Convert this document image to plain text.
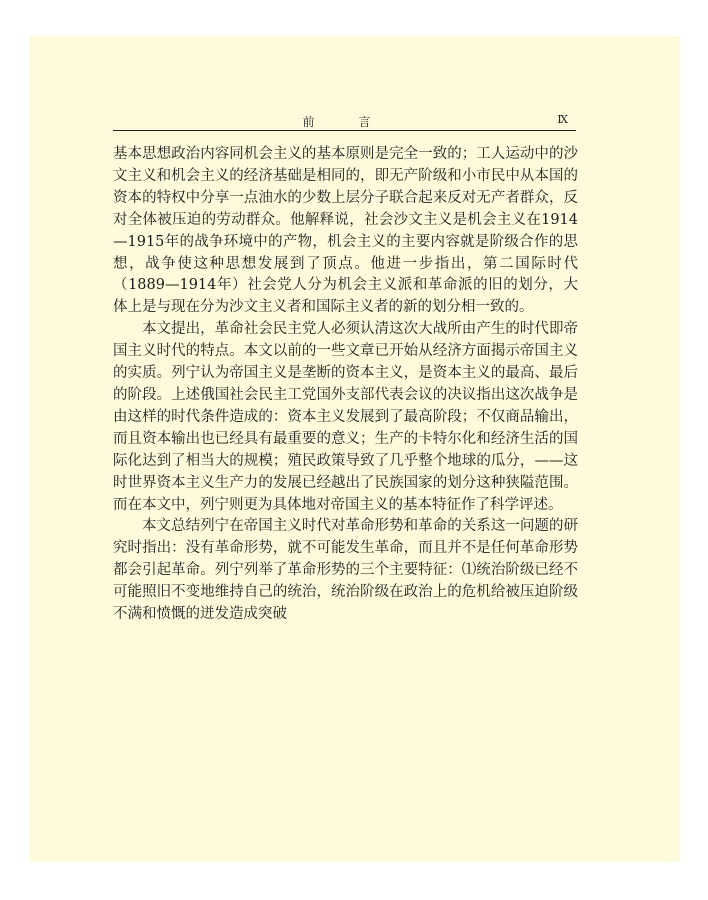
前　言	Ⅸ

基本思想政治内容同机会主义的基本原则是完全一致的；工人运动中的沙文主义和机会主义的经济基础是相同的，即无产阶级和小市民中从本国的资本的特权中分享一点油水的少数上层分子联合起来反对无产者群众，反对全体被压迫的劳动群众。他解释说，社会沙文主义是机会主义在1914—1915年的战争环境中的产物，机会主义的主要内容就是阶级合作的思想，战争使这种思想发展到了顶点。他进一步指出，第二国际时代（1889—1914年）社会党人分为机会主义派和革命派的旧的划分，大体上是与现在分为沙文主义者和国际主义者的新的划分相一致的。

本文提出，革命社会民主党人必须认清这次大战所由产生的时代即帝国主义时代的特点。本文以前的一些文章已开始从经济方面揭示帝国主义的实质。列宁认为帝国主义是垄断的资本主义，是资本主义的最高、最后的阶段。上述俄国社会民主工党国外支部代表会议的决议指出这次战争是由这样的时代条件造成的：资本主义发展到了最高阶段；不仅商品输出，而且资本输出也已经具有最重要的意义；生产的卡特尔化和经济生活的国际化达到了相当大的规模；殖民政策导致了几乎整个地球的瓜分，——这时世界资本主义生产力的发展已经越出了民族国家的划分这种狭隘范围。而在本文中，列宁则更为具体地对帝国主义的基本特征作了科学评述。

本文总结列宁在帝国主义时代对革命形势和革命的关系这一问题的研究时指出：没有革命形势，就不可能发生革命，而且并不是任何革命形势都会引起革命。列宁列举了革命形势的三个主要特征：⑴统治阶级已经不可能照旧不变地维持自己的统治，统治阶级在政治上的危机给被压迫阶级不满和愤慨的迸发造成突破
